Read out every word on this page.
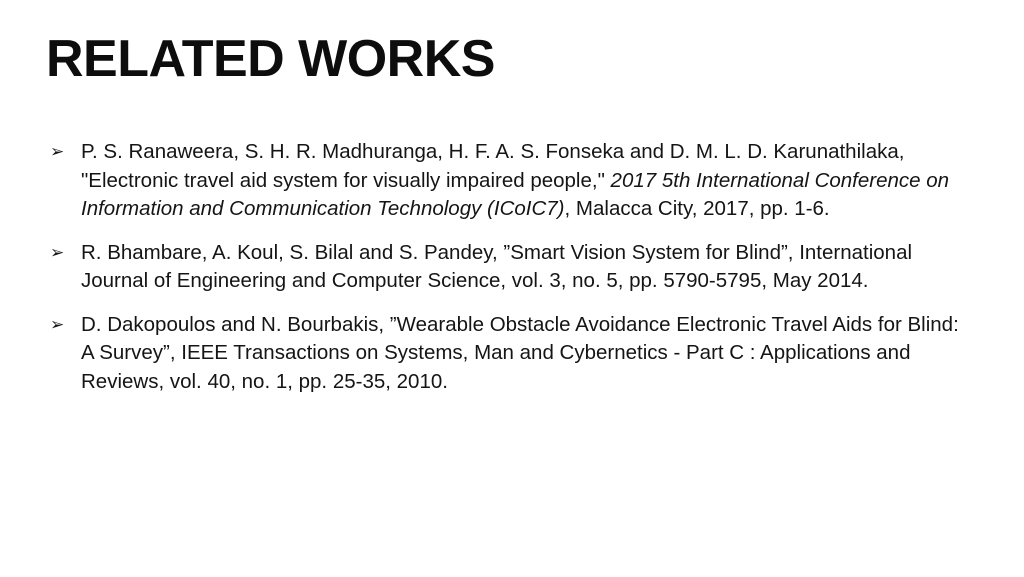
RELATED WORKS
➢ P. S. Ranaweera, S. H. R. Madhuranga, H. F. A. S. Fonseka and D. M. L. D. Karunathilaka, "Electronic travel aid system for visually impaired people," 2017 5th International Conference on Information and Communication Technology (ICoIC7), Malacca City, 2017, pp. 1-6.
➢ R. Bhambare, A. Koul, S. Bilal and S. Pandey, ”Smart Vision System for Blind”, International Journal of Engineering and Computer Science, vol. 3, no. 5, pp. 5790-5795, May 2014.
➢ D. Dakopoulos and N. Bourbakis, ”Wearable Obstacle Avoidance Electronic Travel Aids for Blind: A Survey”, IEEE Transactions on Systems, Man and Cybernetics - Part C : Applications and Reviews, vol. 40, no. 1, pp. 25-35, 2010.
